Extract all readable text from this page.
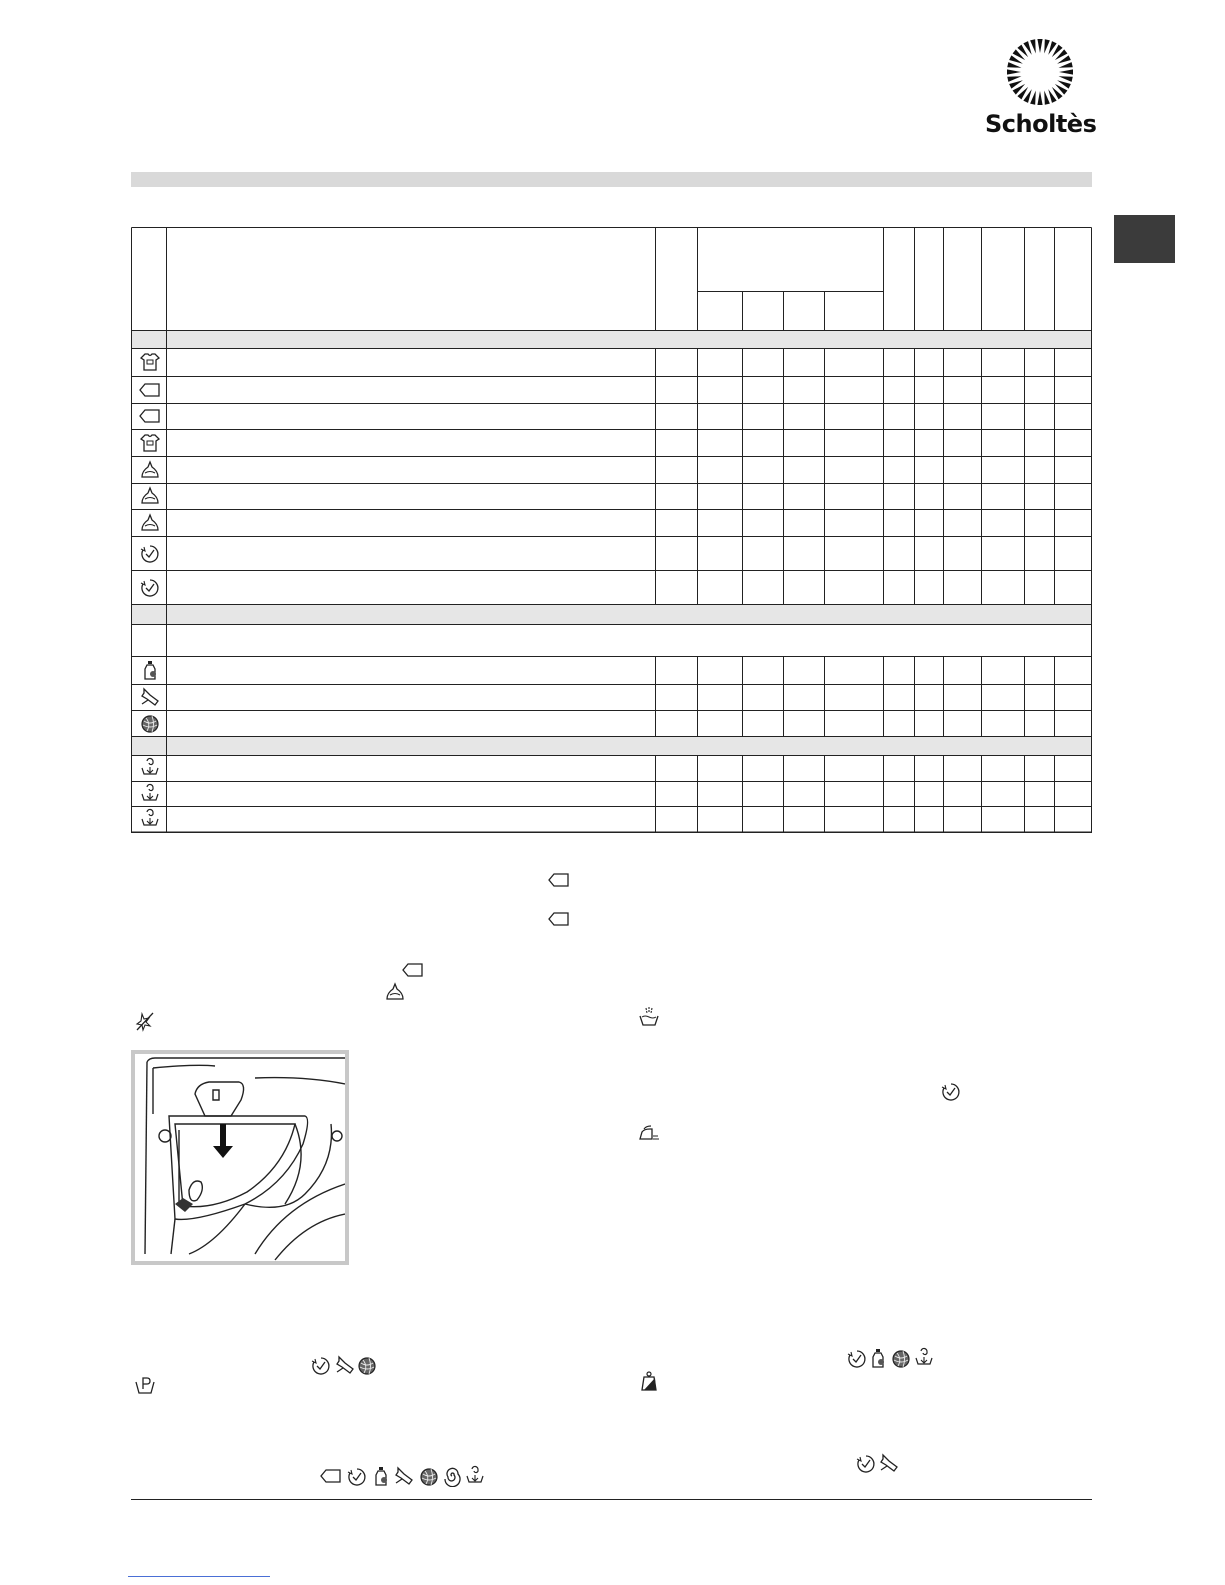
Scholtès
